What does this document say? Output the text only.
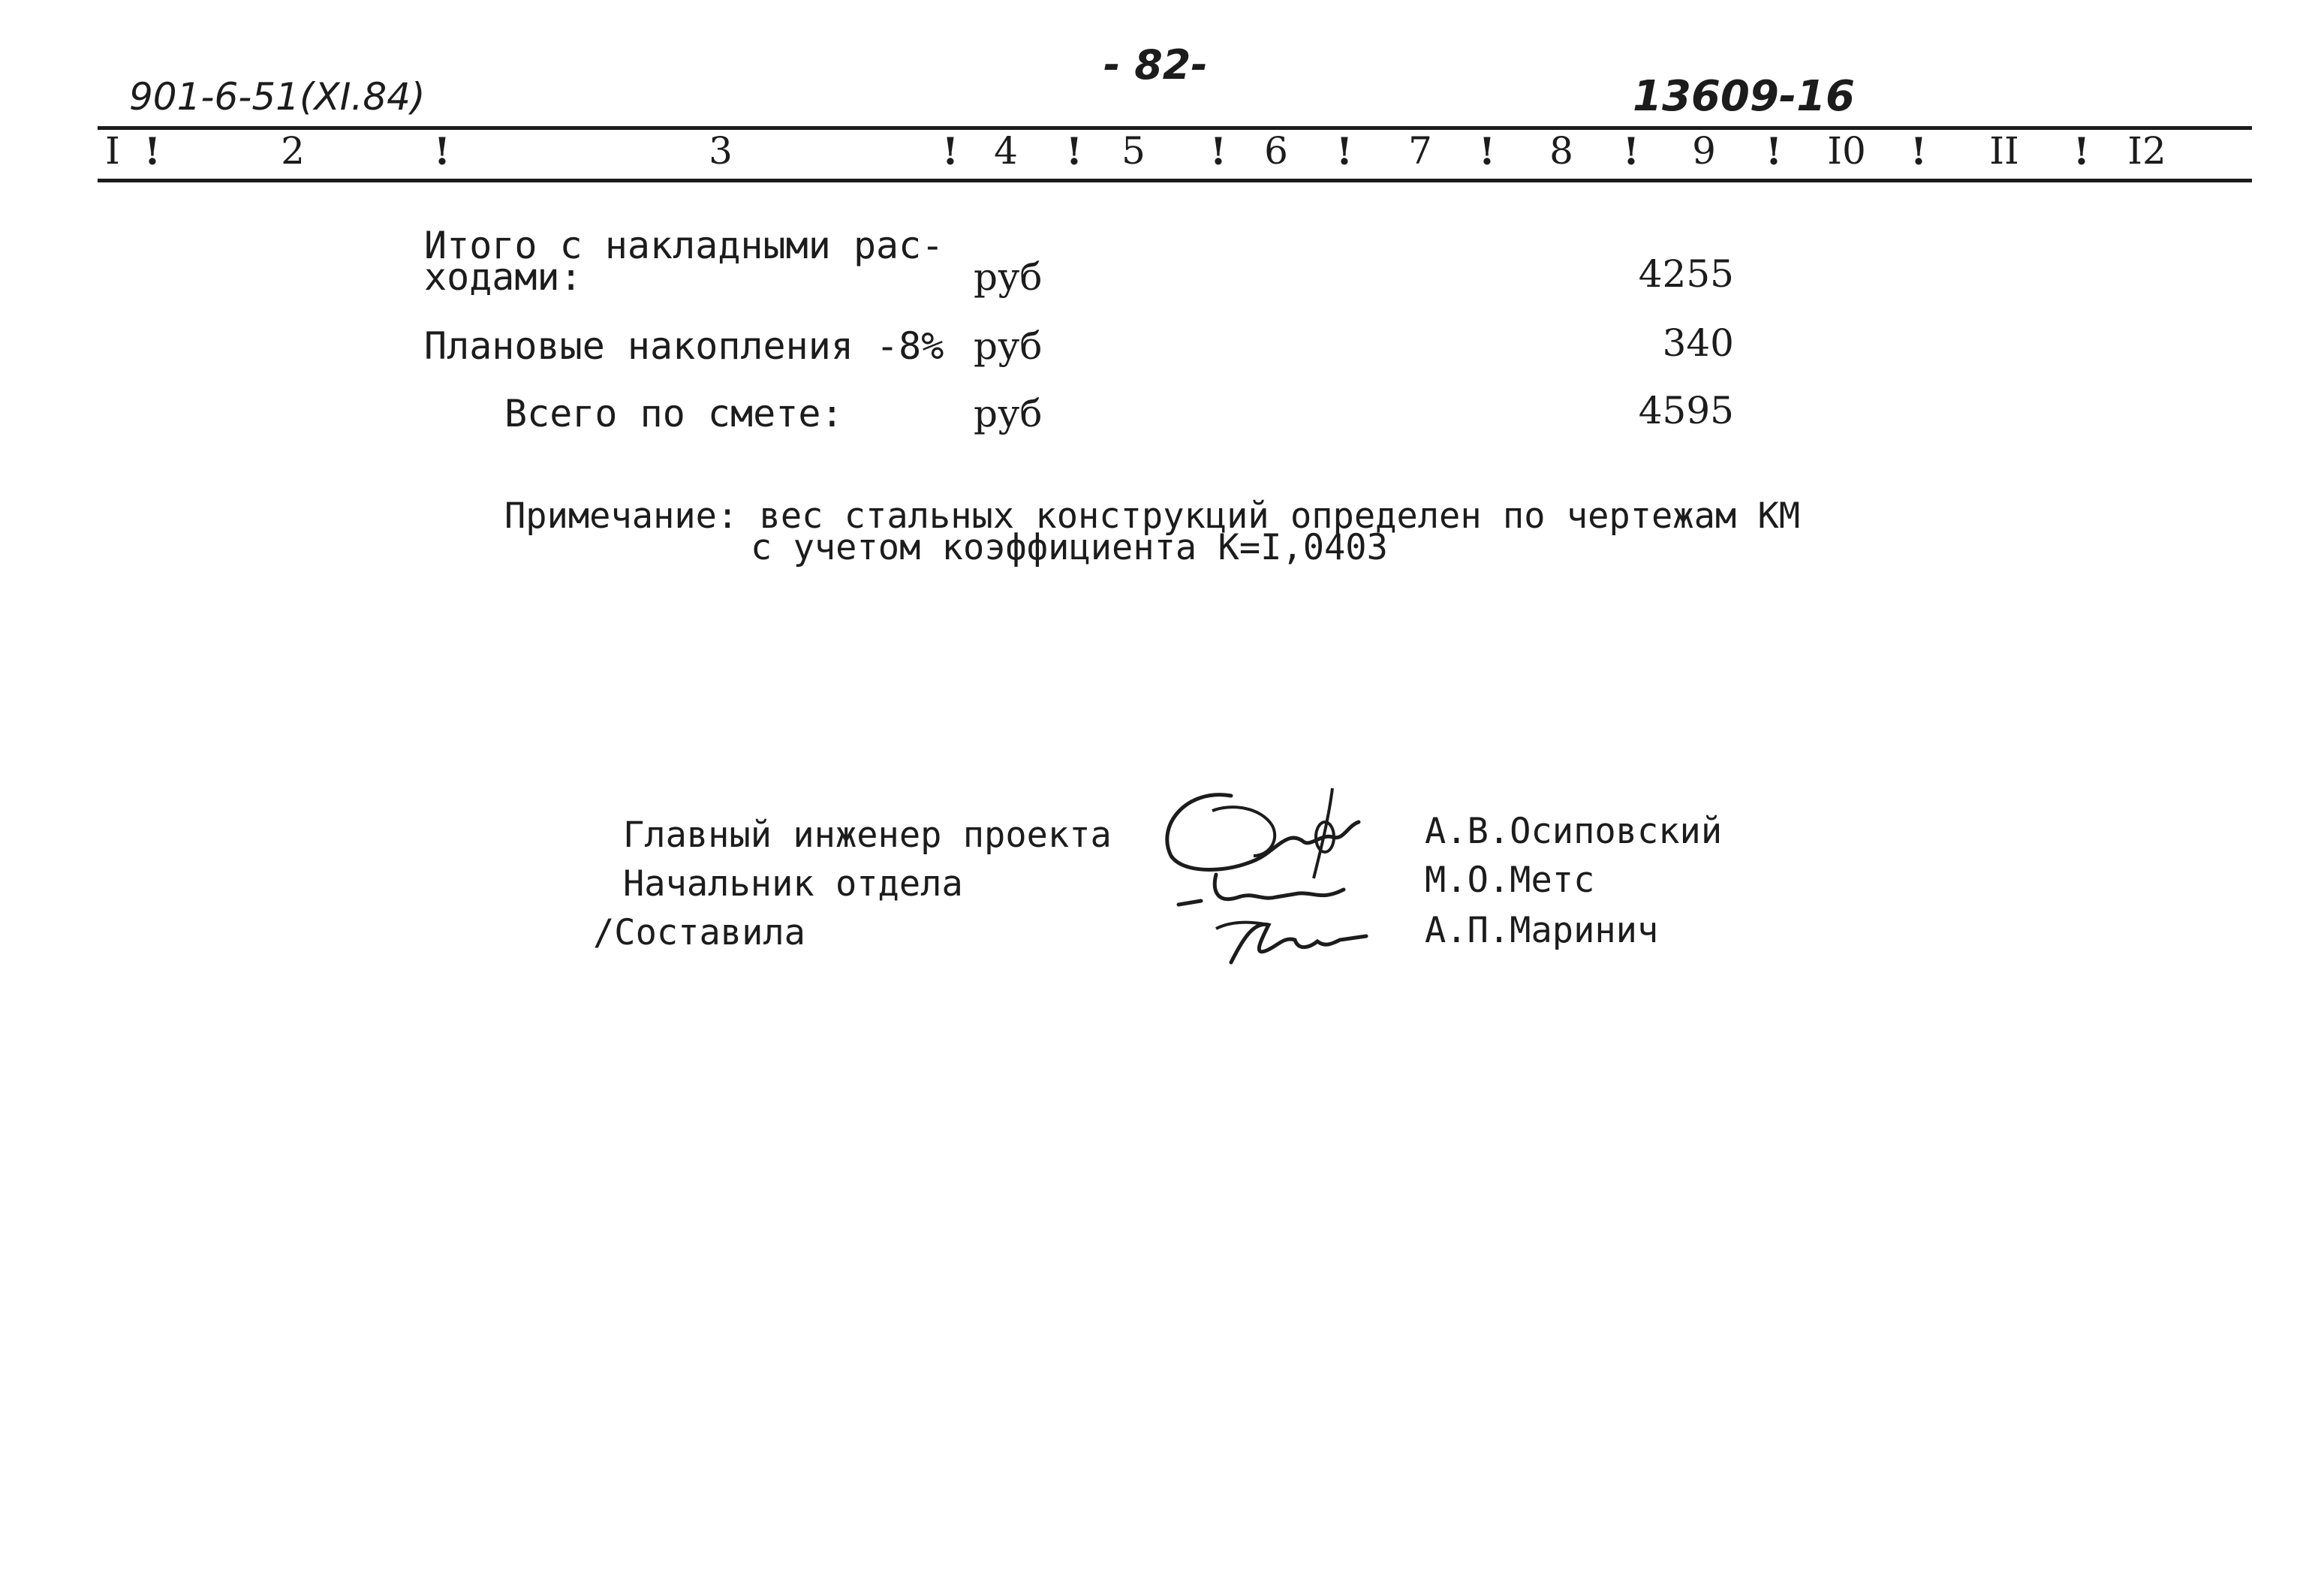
- 82-
901-6-51(XI.84)	13609-16
I	2	3	4	5	6	7	8	9	I0	II	I2
!	!	!	!	!	!	!	!	!	!	!
Итого с накладными рас-
ходами:	руб	4255
Плановые накопления -8% руб	340
Всего по смете:	руб	4595
Примечание: вес стальных конструкций определен по чертежам КМ
с учетом коэффициента К=I,0403
Главный инженер проекта
Начальник отдела
/Составила
А.В.Осиповский
М.О.Метс
А.П.Маринич
